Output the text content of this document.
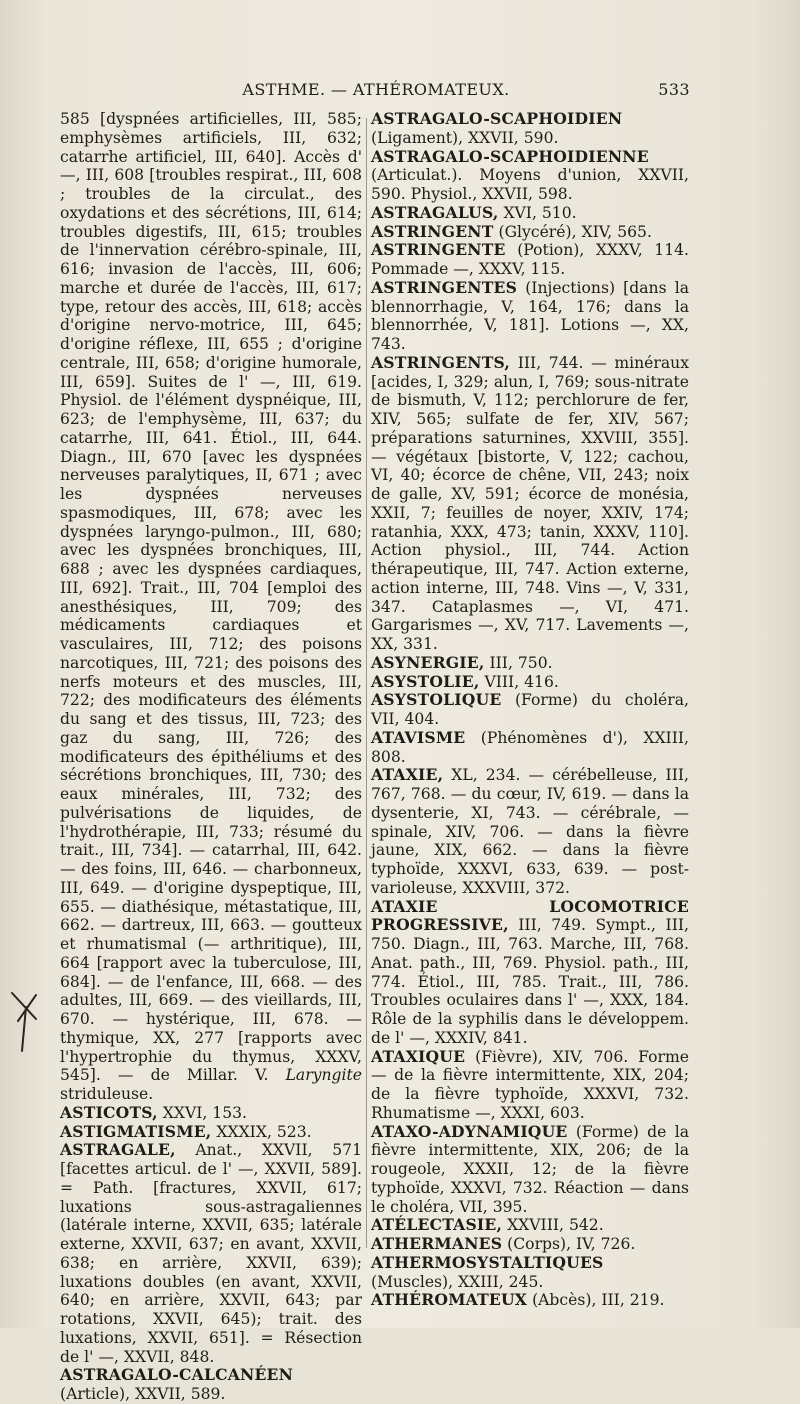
ASTHME. — ATHÉROMATEUX.	533
585 [dyspnées artificielles, III, 585; emphysèmes artificiels, III, 632; catarrhe artificiel, III, 640]. Accès d' —, III, 608 [troubles respirat., III, 608 ; troubles de la circulat., des oxydations et des sécrétions, III, 614; troubles digestifs, III, 615; troubles de l'innervation cérébro-spinale, III, 616; invasion de l'accès, III, 606; marche et durée de l'accès, III, 617; type, retour des accès, III, 618; accès d'origine nervo-motrice, III, 645; d'origine réflexe, III, 655 ; d'origine centrale, III, 658; d'origine humorale, III, 659]. Suites de l' —, III, 619. Physiol. de l'élément dyspnéique, III, 623; de l'emphysème, III, 637; du catarrhe, III, 641. Étiol., III, 644. Diagn., III, 670 [avec les dyspnées nerveuses paralytiques, II, 671 ; avec les dyspnées nerveuses spasmodiques, III, 678; avec les dyspnées laryngo-pulmon., III, 680; avec les dyspnées bronchiques, III, 688 ; avec les dyspnées cardiaques, III, 692]. Trait., III, 704 [emploi des anesthésiques, III, 709; des médicaments cardiaques et vasculaires, III, 712; des poisons narcotiques, III, 721; des poisons des nerfs moteurs et des muscles, III, 722; des modificateurs des éléments du sang et des tissus, III, 723; des gaz du sang, III, 726; des modificateurs des épithéliums et des sécrétions bronchiques, III, 730; des eaux minérales, III, 732; des pulvérisations de liquides, de l'hydrothérapie, III, 733; résumé du trait., III, 734]. — catarrhal, III, 642. — des foins, III, 646. — charbonneux, III, 649. — d'origine dyspeptique, III, 655. — diathésique, métastatique, III, 662. — dartreux, III, 663. — goutteux et rhumatismal (— arthritique), III, 664 [rapport avec la tuberculose, III, 684]. — de l'enfance, III, 668. — des adultes, III, 669. — des vieillards, III, 670. — hystérique, III, 678. — thymique, XX, 277 [rapports avec l'hypertrophie du thymus, XXXV, 545]. — de Millar. V. Laryngite striduleuse.
ASTICOTS, XXVI, 153.
ASTIGMATISME, XXXIX, 523.
ASTRAGALE, Anat., XXVII, 571 [facettes articul. de l' —, XXVII, 589]. = Path. [fractures, XXVII, 617; luxations sous-astragaliennes (latérale interne, XXVII, 635; latérale externe, XXVII, 637; en avant, XXVII, 638; en arrière, XXVII, 639); luxations doubles (en avant, XXVII, 640; en arrière, XXVII, 643; par rotations, XXVII, 645); trait. des luxations, XXVII, 651]. = Résection de l' —, XXVII, 848.
ASTRAGALO-CALCANÉEN (Article), XXVII, 589.
ASTRAGALO-SCAPHOIDIEN (Ligament), XXVII, 590.
ASTRAGALO-SCAPHOIDIENNE (Articulat.). Moyens d'union, XXVII, 590. Physiol., XXVII, 598.
ASTRAGALUS, XVI, 510.
ASTRINGENT (Glycéré), XIV, 565.
ASTRINGENTE (Potion), XXXV, 114. Pommade —, XXXV, 115.
ASTRINGENTES (Injections) [dans la blennorrhagie, V, 164, 176; dans la blennorrhée, V, 181]. Lotions —, XX, 743.
ASTRINGENTS, III, 744. — minéraux [acides, I, 329; alun, I, 769; sous-nitrate de bismuth, V, 112; perchlorure de fer, XIV, 565; sulfate de fer, XIV, 567; préparations saturnines, XXVIII, 355]. — végétaux [bistorte, V, 122; cachou, VI, 40; écorce de chêne, VII, 243; noix de galle, XV, 591; écorce de monésia, XXII, 7; feuilles de noyer, XXIV, 174; ratanhia, XXX, 473; tanin, XXXV, 110]. Action physiol., III, 744. Action thérapeutique, III, 747. Action externe, action interne, III, 748. Vins —, V, 331, 347. Cataplasmes —, VI, 471. Gargarismes —, XV, 717. Lavements —, XX, 331.
ASYNERGIE, III, 750.
ASYSTOLIE, VIII, 416.
ASYSTOLIQUE (Forme) du choléra, VII, 404.
ATAVISME (Phénomènes d'), XXIII, 808.
ATAXIE, XL, 234. — cérébelleuse, III, 767, 768. — du cœur, IV, 619. — dans la dysenterie, XI, 743. — cérébrale, — spinale, XIV, 706. — dans la fièvre jaune, XIX, 662. — dans la fièvre typhoïde, XXXVI, 633, 639. — post-variolеuse, XXXVIII, 372.
ATAXIE LOCOMOTRICE PROGRESSIVE, III, 749. Sympt., III, 750. Diagn., III, 763. Marche, III, 768. Anat. path., III, 769. Physiol. path., III, 774. Étiol., III, 785. Trait., III, 786. Troubles oculaires dans l' —, XXX, 184. Rôle de la syphilis dans le développem. de l' —, XXXIV, 841.
ATAXIQUE (Fièvre), XIV, 706. Forme — de la fièvre intermittente, XIX, 204; de la fièvre typhoïde, XXXVI, 732. Rhumatisme —, XXXI, 603.
ATAXO-ADYNAMIQUE (Forme) de la fièvre intermittente, XIX, 206; de la rougeole, XXXII, 12; de la fièvre typhoïde, XXXVI, 732. Réaction — dans le choléra, VII, 395.
ATÉLECTASIE, XXVIII, 542.
ATHERMANES (Corps), IV, 726.
ATHERMOSYSTALTIQUES (Muscles), XXIII, 245.
ATHÉROMATEUX (Abcès), III, 219.
